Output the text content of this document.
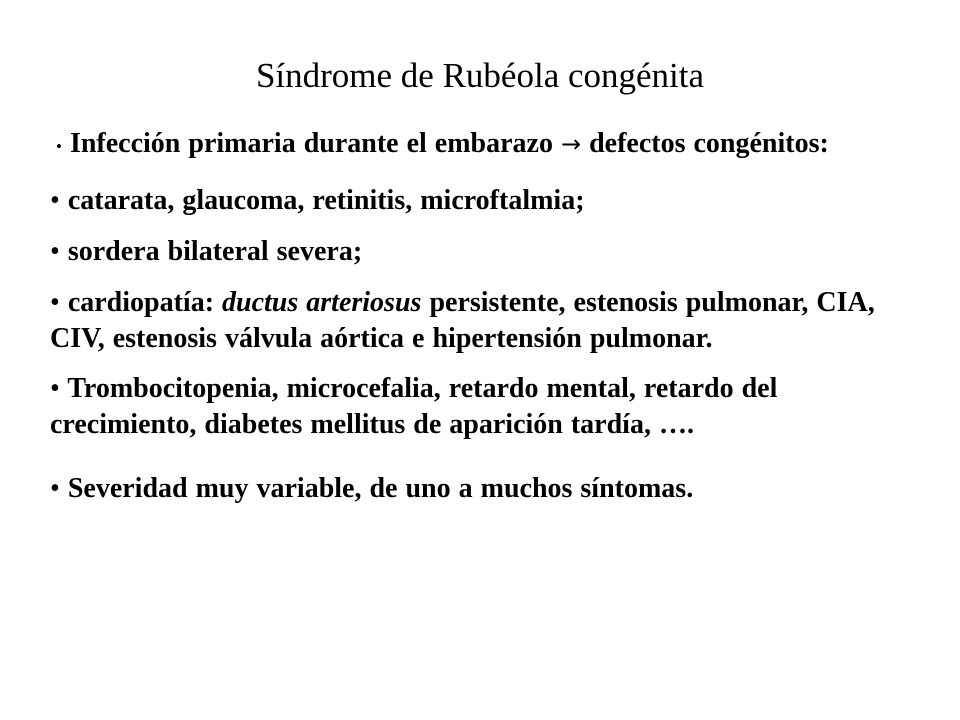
Síndrome de Rubéola congénita
• Infección primaria durante el embarazo → defectos congénitos:
• catarata, glaucoma, retinitis, microftalmia;
• sordera bilateral severa;
• cardiopatía: ductus arteriosus persistente, estenosis pulmonar, CIA, CIV, estenosis válvula aórtica e hipertensión pulmonar.
• Trombocitopenia, microcefalia, retardo mental, retardo del crecimiento, diabetes mellitus de aparición tardía, ….
• Severidad muy variable, de uno a muchos síntomas.
